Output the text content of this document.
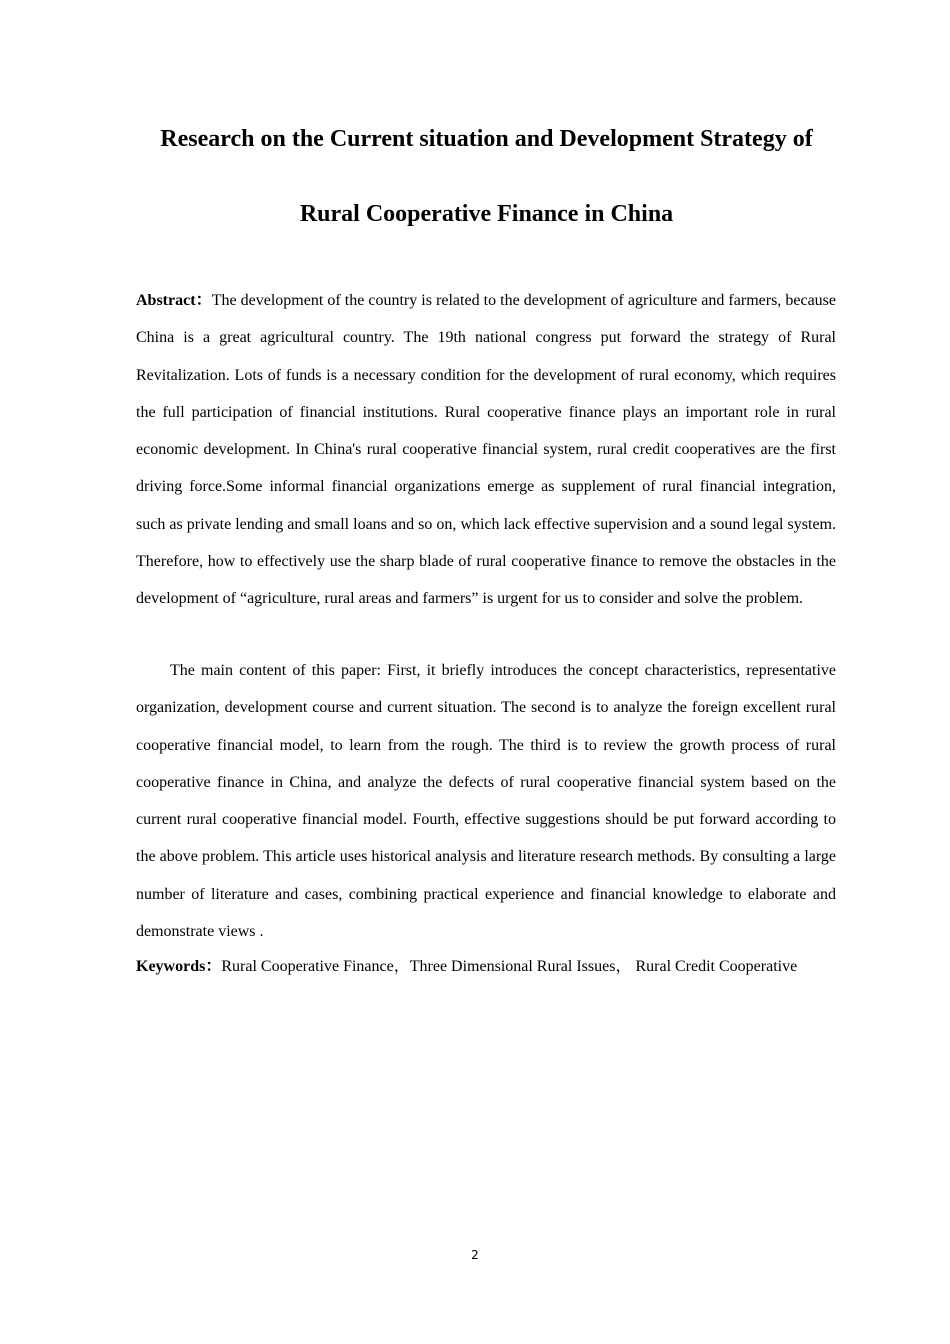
Research on the Current situation and Development Strategy of
Rural Cooperative Finance in China

Abstract：The development of the country is related to the development of agriculture and farmers, because China is a great agricultural country. The 19th national congress put forward the strategy of Rural Revitalization. Lots of funds is a necessary condition for the development of rural economy, which requires the full participation of financial institutions. Rural cooperative finance plays an important role in rural economic development. In China's rural cooperative financial system, rural credit cooperatives are the first driving force.Some informal financial organizations emerge as supplement of rural financial integration, such as private lending and small loans and so on, which lack effective supervision and a sound legal system. Therefore, how to effectively use the sharp blade of rural cooperative finance to remove the obstacles in the development of “agriculture, rural areas and farmers” is urgent for us to consider and solve the problem.

The main content of this paper: First, it briefly introduces the concept characteristics, representative organization, development course and current situation. The second is to analyze the foreign excellent rural cooperative financial model, to learn from the rough. The third is to review the growth process of rural cooperative finance in China, and analyze the defects of rural cooperative financial system based on the current rural cooperative financial model. Fourth, effective suggestions should be put forward according to the above problem. This article uses historical analysis and literature research methods. By consulting a large number of literature and cases, combining practical experience and financial knowledge to elaborate and demonstrate views .

Keywords：Rural Cooperative Finance，Three Dimensional Rural Issues， Rural Credit Cooperative

2
